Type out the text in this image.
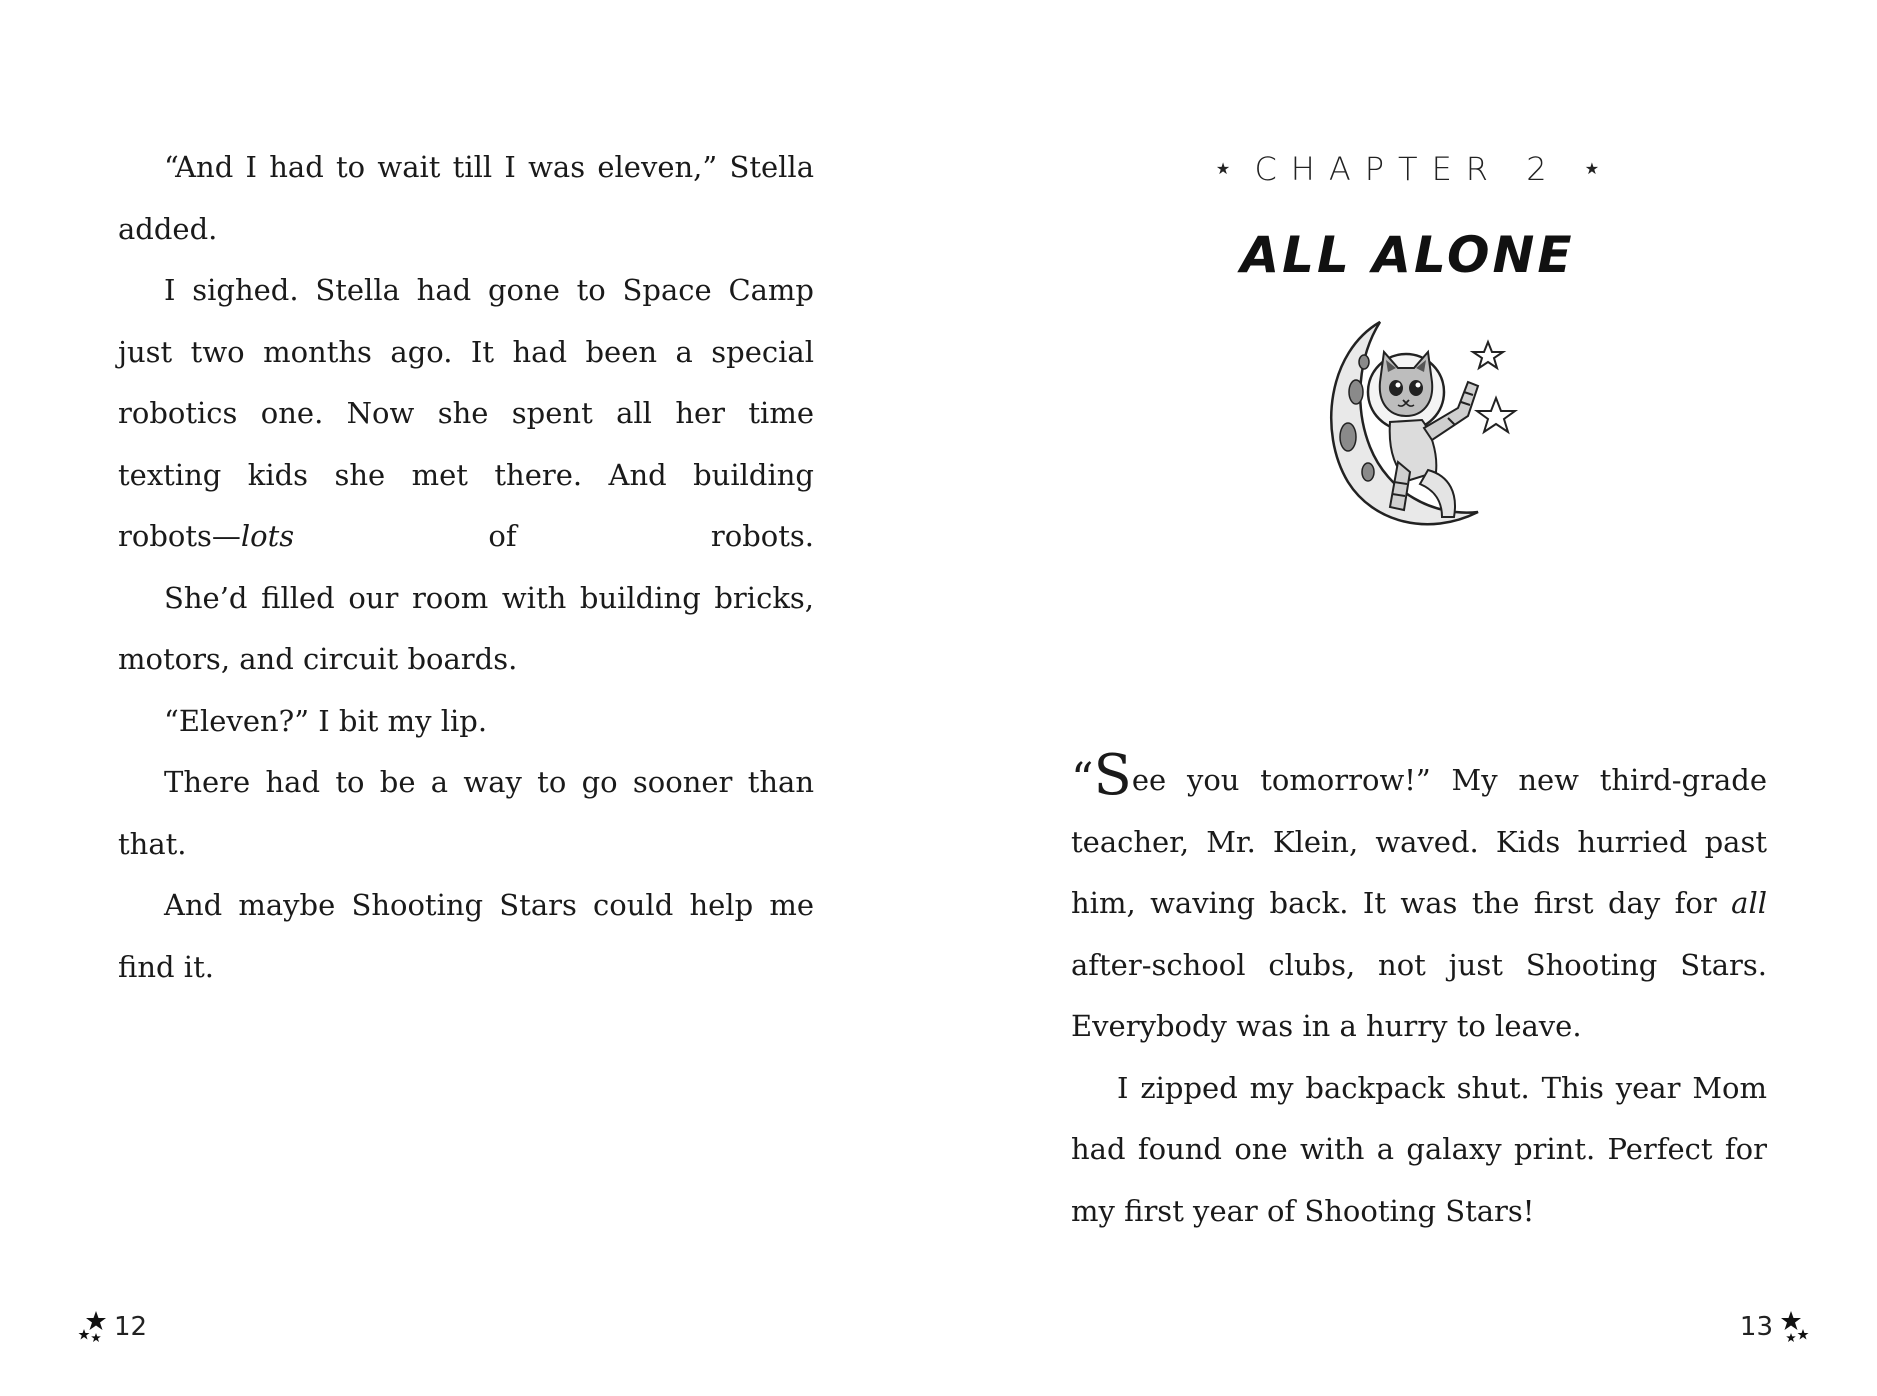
“And I had to wait till I was eleven,” Stella added.

I sighed. Stella had gone to Space Camp just two months ago. It had been a special robotics one. Now she spent all her time texting kids she met there. And building
robots—lots of robots.

She’d filled our room with building bricks, motors, and circuit boards.

“Eleven?” I bit my lip.

There had to be a way to go sooner than that.

And maybe Shooting Stars could help me find it.

12
★ CHAPTER 2 ★
ALL ALONE

“See you tomorrow!” My new third-grade teacher, Mr. Klein, waved. Kids hurried past him, waving back. It was the first day for all after-school clubs, not just Shooting Stars. Everybody was in a hurry to leave.

I zipped my backpack shut. This year Mom had found one with a galaxy print. Perfect for my first year of Shooting Stars!

13
